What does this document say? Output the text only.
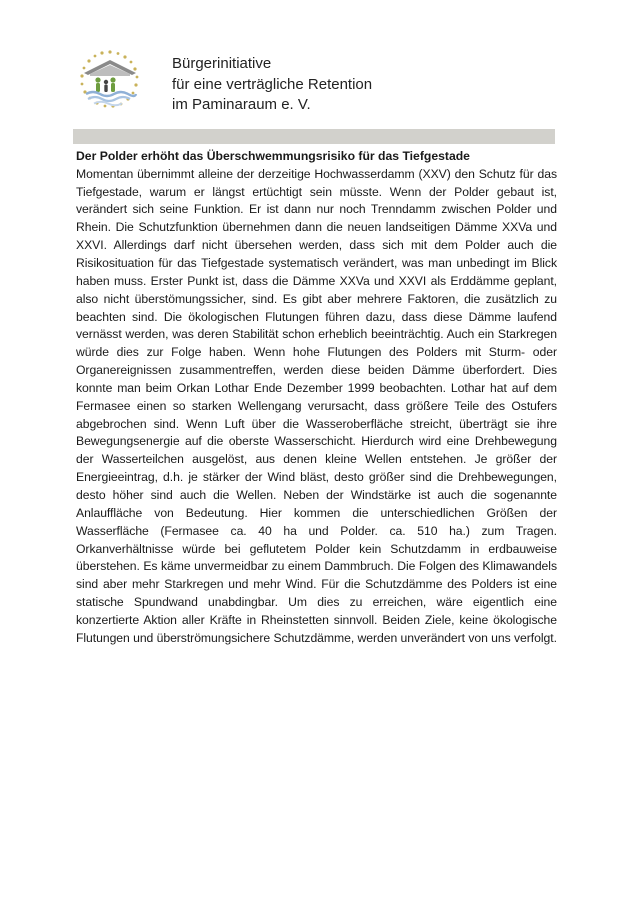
Bürgerinitiative
für eine verträgliche Retention
im Paminaraum e. V.

Der Polder erhöht das Überschwemmungsrisiko für das Tiefgestade

Momentan übernimmt alleine der derzeitige Hochwasserdamm (XXV) den Schutz für das Tiefgestade, warum er längst ertüchtigt sein müsste. Wenn der Polder gebaut ist, verändert sich seine Funktion. Er ist dann nur noch Trenndamm zwischen Polder und Rhein. Die Schutzfunktion übernehmen dann die neuen landseitigen Dämme XXVa und XXVI. Allerdings darf nicht übersehen werden, dass sich mit dem Polder auch die Risikosituation für das Tiefgestade systematisch verändert, was man unbedingt im Blick haben muss. Erster Punkt ist, dass die Dämme XXVa und XXVI als Erddämme geplant, also nicht überstömungssicher, sind. Es gibt aber mehrere Faktoren, die zusätzlich zu beachten sind. Die ökologischen Flutungen führen dazu, dass diese Dämme laufend vernässt werden, was deren Stabilität schon erheblich beeinträchtig. Auch ein Starkregen würde dies zur Folge haben. Wenn hohe Flutungen des Polders mit Sturm- oder Organereignissen zusammentreffen, werden diese beiden Dämme überfordert. Dies konnte man beim Orkan Lothar Ende Dezember 1999 beobachten. Lothar hat auf dem Fermasee einen so starken Wellengang verursacht, dass größere Teile des Ostufers abgebrochen sind. Wenn Luft über die Wasseroberfläche streicht, überträgt sie ihre Bewegungsenergie auf die oberste Wasserschicht. Hierdurch wird eine Drehbewegung der Wasserteilchen ausgelöst, aus denen kleine Wellen entstehen. Je größer der Energieeintrag, d.h. je stärker der Wind bläst, desto größer sind die Drehbewegungen, desto höher sind auch die Wellen. Neben der Windstärke ist auch die sogenannte Anlauffläche von Bedeutung. Hier kommen die unterschiedlichen Größen der Wasserfläche (Fermasee ca. 40 ha und Polder. ca. 510 ha.) zum Tragen. Orkanverhältnisse würde bei geflutetem Polder kein Schutzdamm in erdbauweise überstehen. Es käme unvermeidbar zu einem Dammbruch. Die Folgen des Klimawandels sind aber mehr Starkregen und mehr Wind. Für die Schutzdämme des Polders ist eine statische Spundwand unabdingbar. Um dies zu erreichen, wäre eigentlich eine konzertierte Aktion aller Kräfte in Rheinstetten sinnvoll. Beiden Ziele, keine ökologische Flutungen und überströmungsichere Schutzdämme, werden unverändert von uns verfolgt.
